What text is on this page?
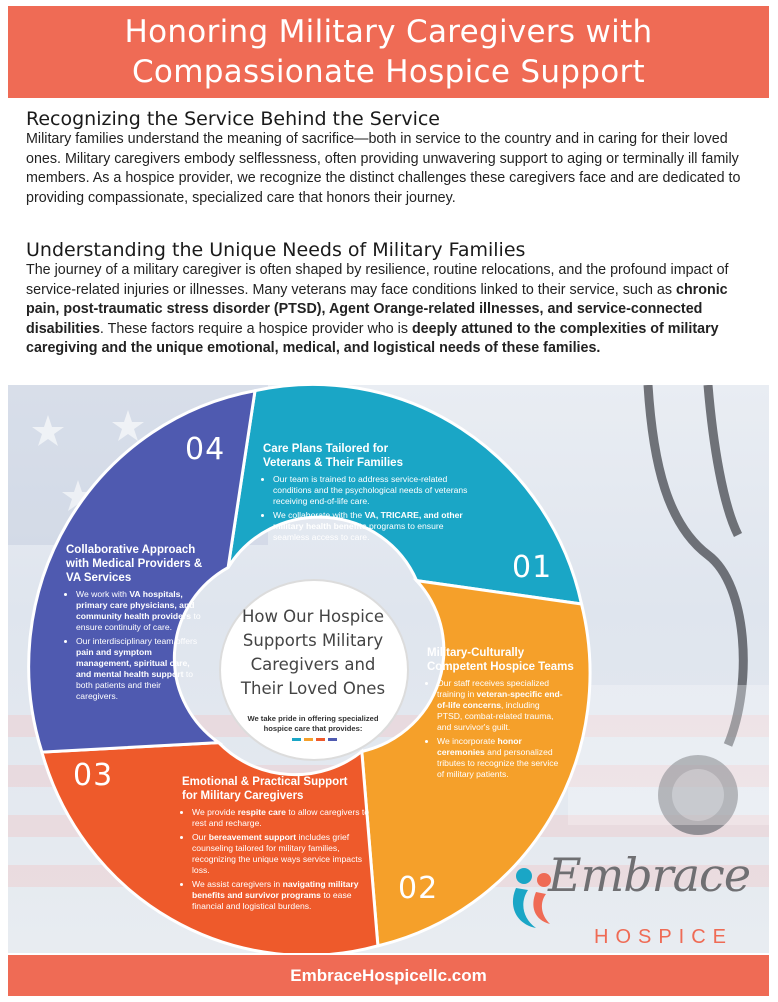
Honoring Military Caregivers with
Compassionate Hospice Support
Recognizing the Service Behind the Service

Military families understand the meaning of sacrifice—both in service to the country and in caring for their loved ones. Military caregivers embody selflessness, often providing unwavering support to aging or terminally ill family members. As a hospice provider, we recognize the distinct challenges these caregivers face and are dedicated to providing compassionate, specialized care that honors their journey.

Understanding the Unique Needs of Military Families

The journey of a military caregiver is often shaped by resilience, routine relocations, and the profound impact of service-related injuries or illnesses. Many veterans may face conditions linked to their service, such as chronic pain, post-traumatic stress disorder (PTSD), Agent Orange-related illnesses, and service-connected disabilities. These factors require a hospice provider who is deeply attuned to the complexities of military caregiving and the unique emotional, medical, and logistical needs of these families.

04
01
03
02
Care Plans Tailored for Veterans & Their Families
• Our team is trained to address service-related conditions and the psychological needs of veterans receiving end-of-life care.
• We collaborate with the VA, TRICARE, and other military health benefits programs to ensure seamless access to care.
Military-Culturally Competent Hospice Teams
• Our staff receives specialized training in veteran-specific end-of-life concerns, including PTSD, combat-related trauma, and survivor's guilt.
• We incorporate honor ceremonies and personalized tributes to recognize the service of military patients.
Emotional & Practical Support for Military Caregivers
• We provide respite care to allow caregivers to rest and recharge.
• Our bereavement support includes grief counseling tailored for military families, recognizing the unique ways service impacts loss.
• We assist caregivers in navigating military benefits and survivor programs to ease financial and logistical burdens.
Collaborative Approach with Medical Providers & VA Services
• We work with VA hospitals, primary care physicians, and community health providers to ensure continuity of care.
• Our interdisciplinary team offers pain and symptom management, spiritual care, and mental health support to both patients and their caregivers.
How Our Hospice Supports Military Caregivers and Their Loved Ones
We take pride in offering specialized hospice care that provides:
Embrace
HOSPICE
EmbraceHospicellc.com
